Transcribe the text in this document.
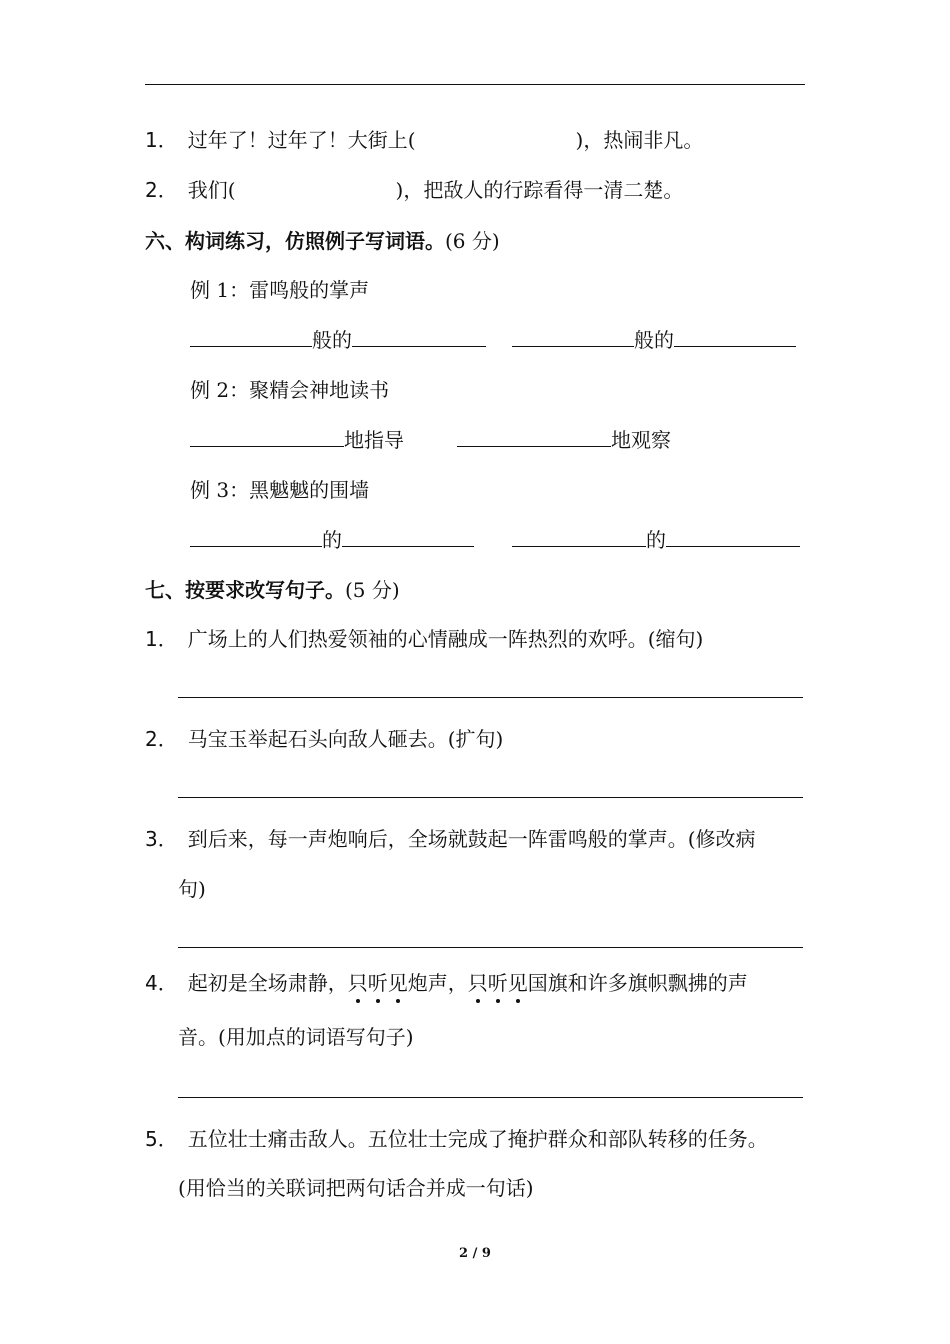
1． 过年了！过年了！大街上(	)，热闹非凡。
2． 我们(	)，把敌人的行踪看得一清二楚。
六、构词练习，仿照例子写词语。(6 分)
例 1：雷鸣般的掌声
般的	般的
例 2：聚精会神地读书
地指导	地观察
例 3：黑魆魆的围墙
的	的
七、按要求改写句子。(5 分)
1． 广场上的人们热爱领袖的心情融成一阵热烈的欢呼。(缩句)
2． 马宝玉举起石头向敌人砸去。(扩句)
3． 到后来，每一声炮响后，全场就鼓起一阵雷鸣般的掌声。(修改病
句)
4． 起初是全场肃静，只听见炮声，只听见国旗和许多旗帜飘拂的声
音。(用加点的词语写句子)
5． 五位壮士痛击敌人。五位壮士完成了掩护群众和部队转移的任务。
(用恰当的关联词把两句话合并成一句话)
2 / 9
